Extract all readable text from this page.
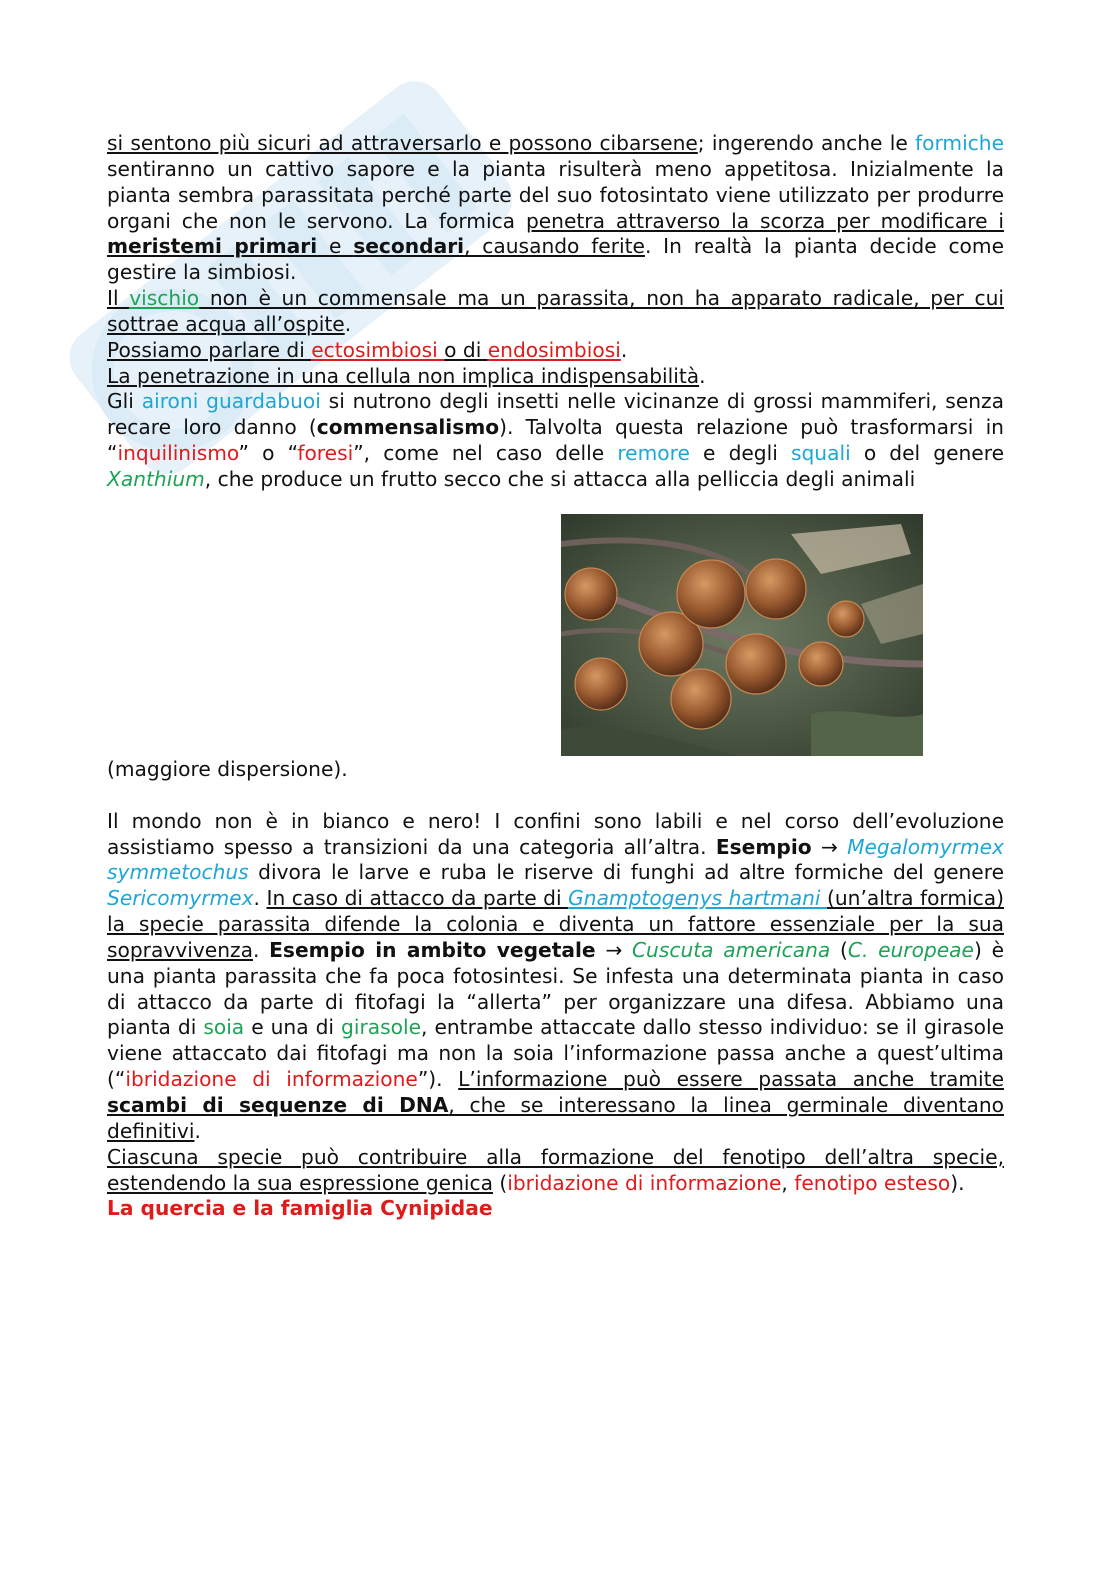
si sentono più sicuri ad attraversarlo e possono cibarsene; ingerendo anche le formiche sentiranno un cattivo sapore e la pianta risulterà meno appetitosa. Inizialmente la pianta sembra parassitata perché parte del suo fotosintato viene utilizzato per produrre organi che non le servono. La formica penetra attraverso la scorza per modificare i meristemi primari e secondari, causando ferite. In realtà la pianta decide come gestire la simbiosi.

Il vischio non è un commensale ma un parassita, non ha apparato radicale, per cui sottrae acqua all’ospite.

Possiamo parlare di ectosimbiosi o di endosimbiosi.

La penetrazione in una cellula non implica indispensabilità.

Gli aironi guardabuoi si nutrono degli insetti nelle vicinanze di grossi mammiferi, senza recare loro danno (commensalismo). Talvolta questa relazione può trasformarsi in “inquilinismo” o “foresi”, come nel caso delle remore e degli squali o del genere Xanthium, che produce un frutto secco che si attacca alla pelliccia degli animali

(maggiore dispersione).

Il mondo non è in bianco e nero! I confini sono labili e nel corso dell’evoluzione assistiamo spesso a transizioni da una categoria all’altra. Esempio → Megalomyrmex symmetochus divora le larve e ruba le riserve di funghi ad altre formiche del genere Sericomyrmex. In caso di attacco da parte di Gnamptogenys hartmani (un’altra formica) la specie parassita difende la colonia e diventa un fattore essenziale per la sua sopravvivenza. Esempio in ambito vegetale → Cuscuta americana (C. europeae) è una pianta parassita che fa poca fotosintesi. Se infesta una determinata pianta in caso di attacco da parte di fitofagi la “allerta” per organizzare una difesa. Abbiamo una pianta di soia e una di girasole, entrambe attaccate dallo stesso individuo: se il girasole viene attaccato dai fitofagi ma non la soia l’informazione passa anche a quest’ultima (“ibridazione di informazione”). L’informazione può essere passata anche tramite scambi di sequenze di DNA, che se interessano la linea germinale diventano definitivi.

Ciascuna specie può contribuire alla formazione del fenotipo dell’altra specie, estendendo la sua espressione genica (ibridazione di informazione, fenotipo esteso).

La quercia e la famiglia Cynipidae
